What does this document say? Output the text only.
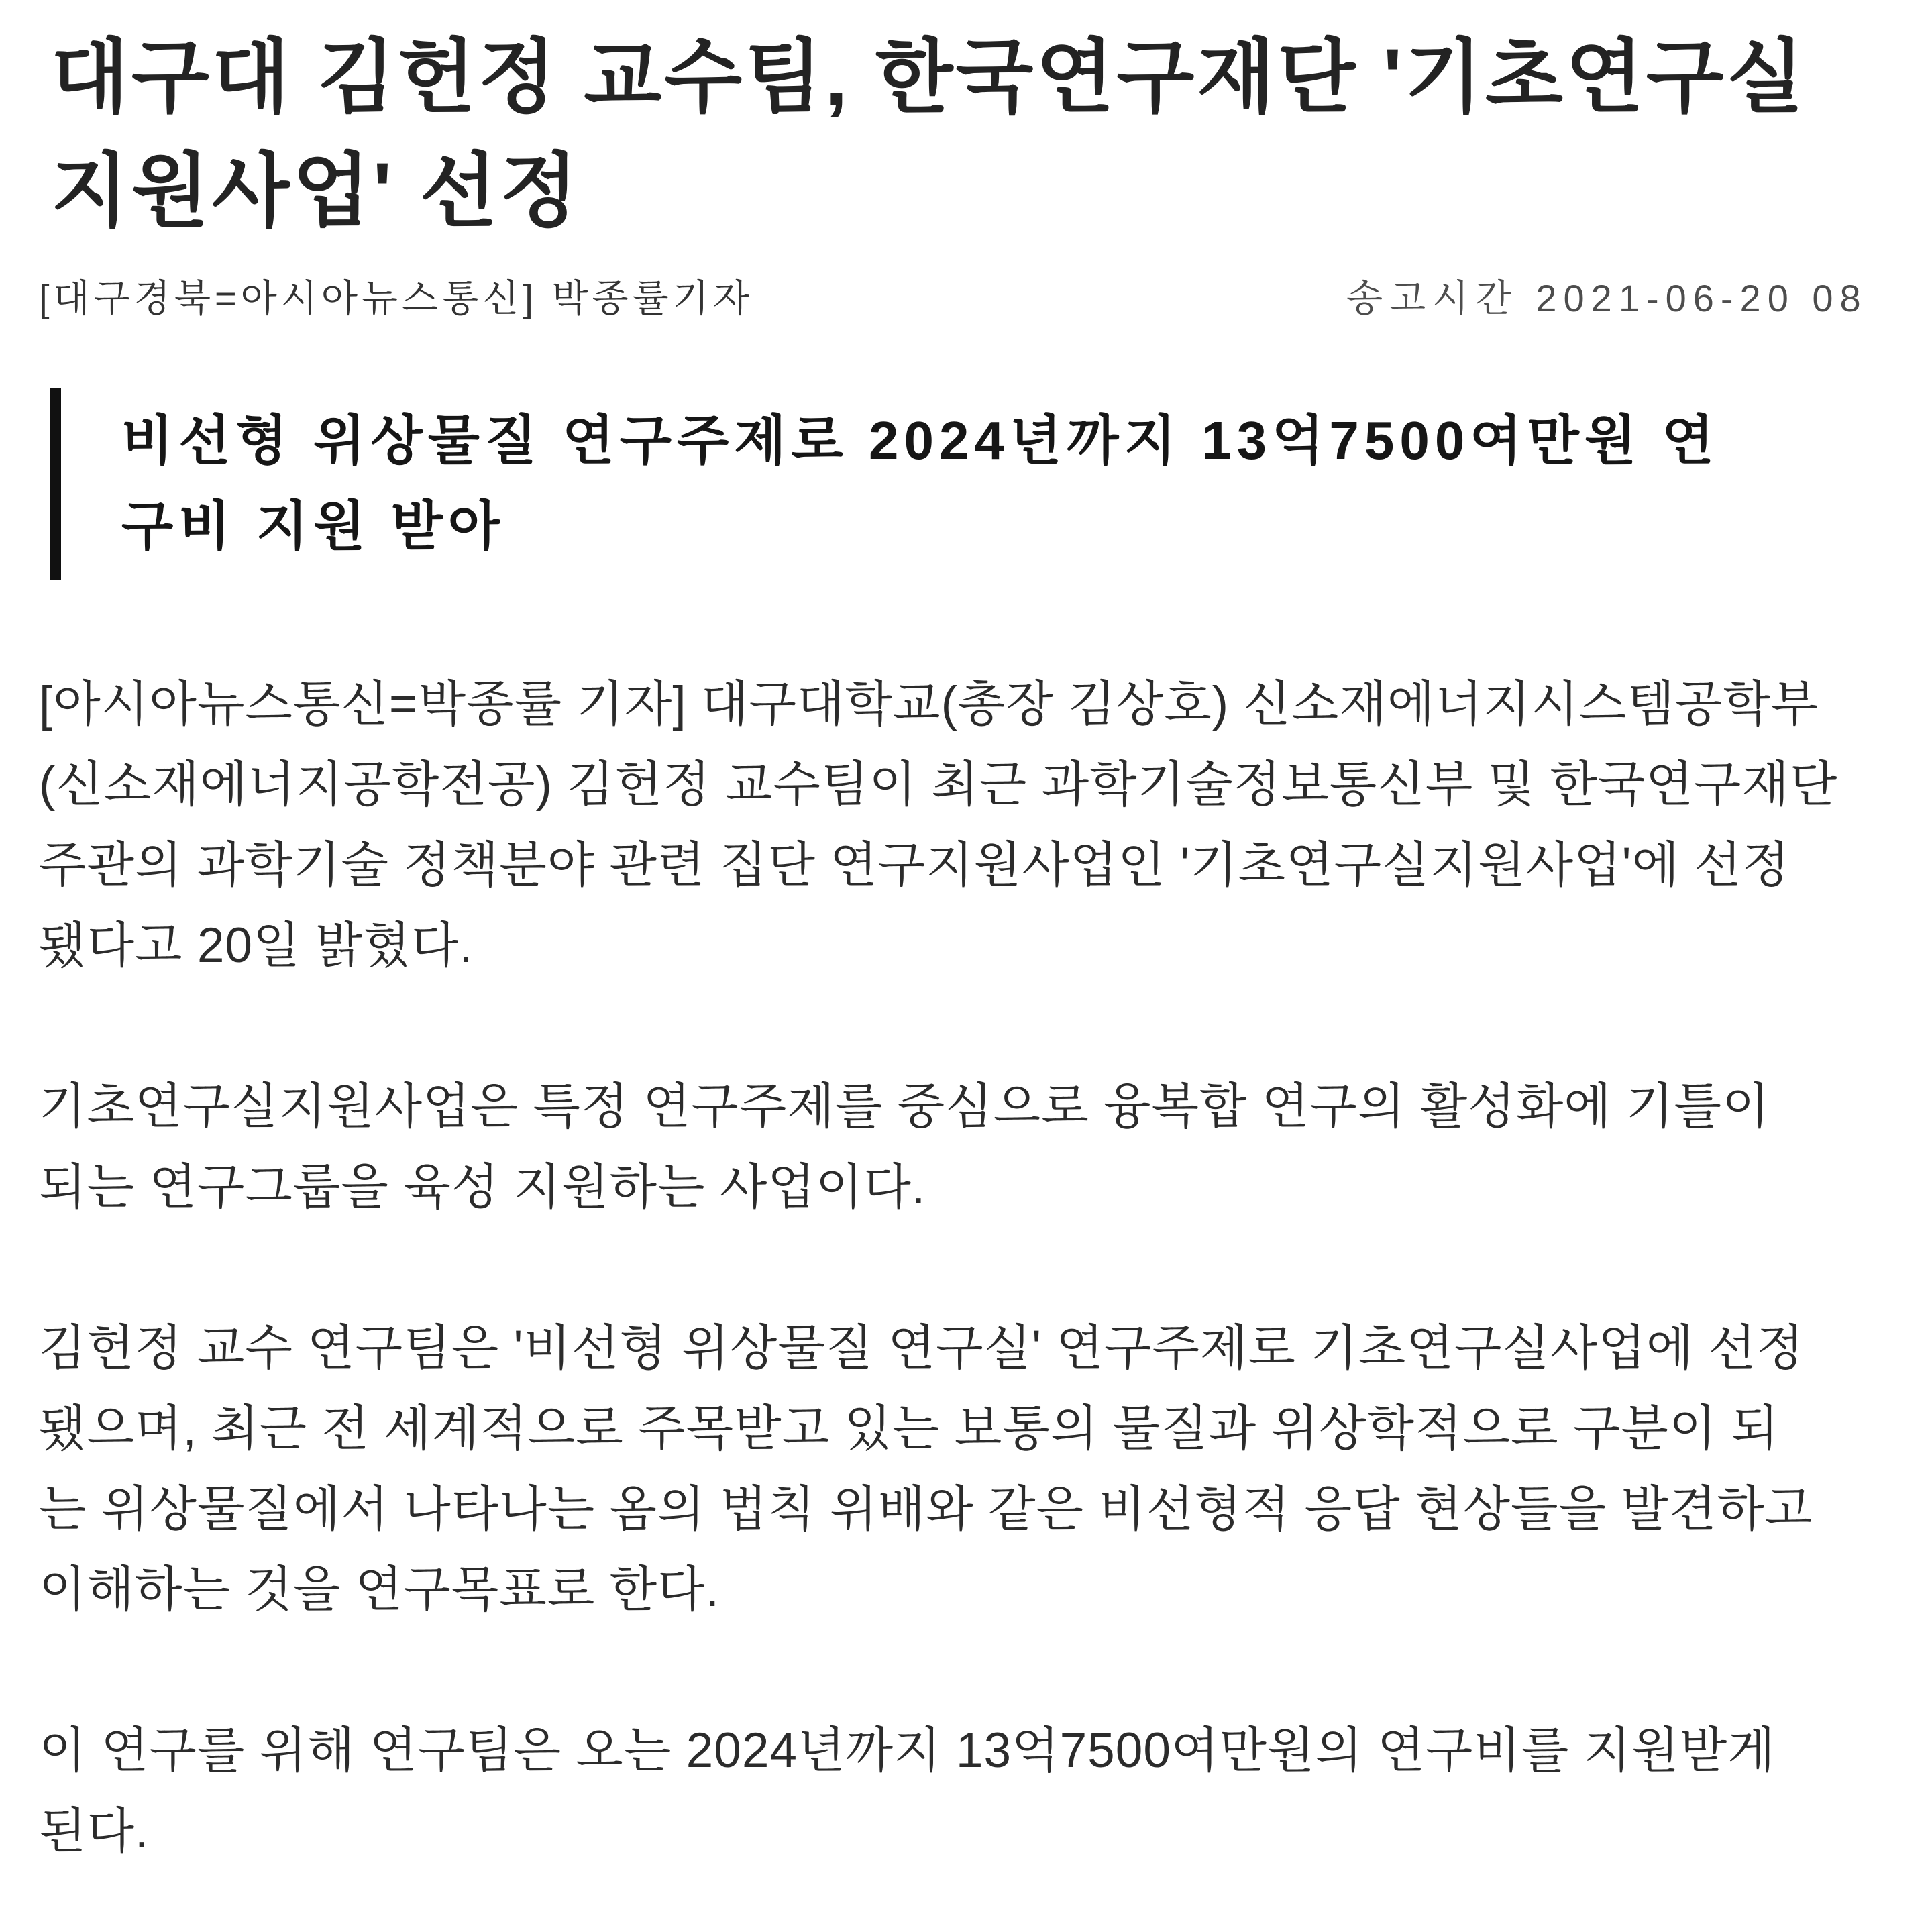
대구대 김헌정 교수팀, 한국연구재단 '기초연구실
지원사업' 선정
[대구경북=아시아뉴스통신] 박종률기자	송고시간 2021-06-20 08
비선형 위상물질 연구주제로 2024년까지 13억7500여만원 연
구비 지원 받아

[아시아뉴스통신=박종률 기자] 대구대학교(총장 김상호) 신소재에너지시스템공학부
(신소재에너지공학전공) 김헌정 교수팀이 최근 과학기술정보통신부 및 한국연구재단
주관의 과학기술 정책분야 관련 집단 연구지원사업인 '기초연구실지원사업'에 선정
됐다고 20일 밝혔다.

기초연구실지원사업은 특정 연구주제를 중심으로 융복합 연구의 활성화에 기틀이
되는 연구그룹을 육성 지원하는 사업이다.

김헌정 교수 연구팀은 '비선형 위상물질 연구실' 연구주제로 기초연구실사업에 선정
됐으며, 최근 전 세계적으로 주목받고 있는 보통의 물질과 위상학적으로 구분이 되
는 위상물질에서 나타나는 옴의 법칙 위배와 같은 비선형적 응답 현상들을 발견하고
이해하는 것을 연구목표로 한다.

이 연구를 위해 연구팀은 오는 2024년까지 13억7500여만원의 연구비를 지원받게
된다.
